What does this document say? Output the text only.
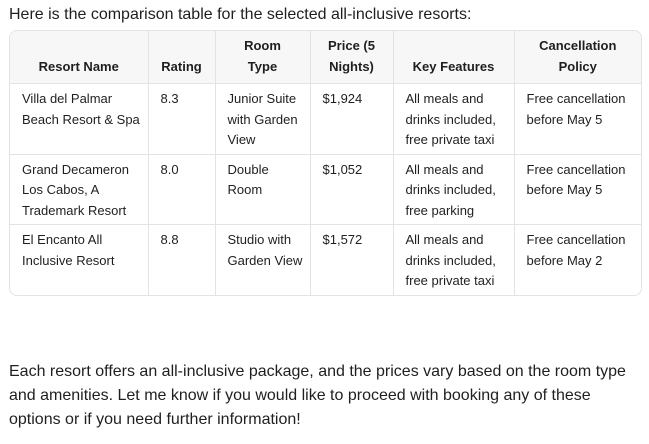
Here is the comparison table for the selected all-inclusive resorts:

Resort Name	Rating	Room Type	Price (5 Nights)	Key Features	Cancellation Policy
Villa del Palmar Beach Resort & Spa	8.3	Junior Suite with Garden View	$1,924	All meals and drinks included, free private taxi	Free cancellation before May 5
Grand Decameron Los Cabos, A Trademark Resort	8.0	Double Room	$1,052	All meals and drinks included, free parking	Free cancellation before May 5
El Encanto All Inclusive Resort	8.8	Studio with Garden View	$1,572	All meals and drinks included, free private taxi	Free cancellation before May 2

Each resort offers an all-inclusive package, and the prices vary based on the room type and amenities. Let me know if you would like to proceed with booking any of these options or if you need further information!
